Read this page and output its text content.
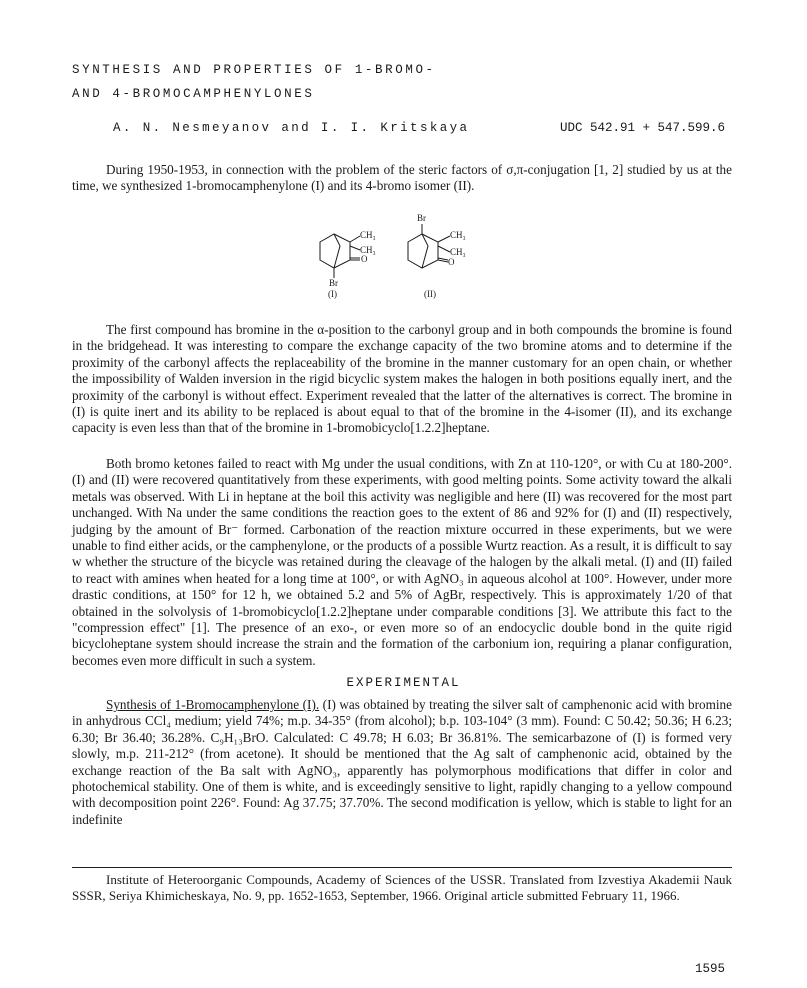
SYNTHESIS AND PROPERTIES OF 1-BROMO-
AND 4-BROMOCAMPHENYLONES
A. N. Nesmeyanov and I. I. Kritskaya	UDC 542.91 + 547.599.6

During 1950-1953, in connection with the problem of the steric factors of σ,π-conjugation [1, 2] studied by us at the time, we synthesized 1-bromocamphenylone (I) and its 4-bromo isomer (II).

CH₃
CH₃
O
Br
(I)
Br
CH₃
CH₃
O
(II)

The first compound has bromine in the α-position to the carbonyl group and in both compounds the bromine is found in the bridgehead. It was interesting to compare the exchange capacity of the two bromine atoms and to determine if the proximity of the carbonyl affects the replaceability of the bromine in the manner customary for an open chain, or whether the impossibility of Walden inversion in the rigid bicyclic system makes the halogen in both positions equally inert, and the proximity of the carbonyl is without effect. Experiment revealed that the latter of the alternatives is correct. The bromine in (I) is quite inert and its ability to be replaced is about equal to that of the bromine in the 4-isomer (II), and its exchange capacity is even less than that of the bromine in 1-bromobicyclo[1.2.2]heptane.

Both bromo ketones failed to react with Mg under the usual conditions, with Zn at 110-120°, or with Cu at 180-200°. (I) and (II) were recovered quantitatively from these experiments, with good melting points. Some activity toward the alkali metals was observed. With Li in heptane at the boil this activity was negligible and here (II) was recovered for the most part unchanged. With Na under the same conditions the reaction goes to the extent of 86 and 92% for (I) and (II) respectively, judging by the amount of Br⁻ formed. Carbonation of the reaction mixture occurred in these experiments, but we were unable to find either acids, or the camphenylone, or the products of a possible Wurtz reaction. As a result, it is difficult to say w whether the structure of the bicycle was retained during the cleavage of the halogen by the alkali metal. (I) and (II) failed to react with amines when heated for a long time at 100°, or with AgNO₃ in aqueous alcohol at 100°. However, under more drastic conditions, at 150° for 12 h, we obtained 5.2 and 5% of AgBr, respectively. This is approximately 1/20 of that obtained in the solvolysis of 1-bromobicyclo[1.2.2]heptane under comparable conditions [3]. We attribute this fact to the "compression effect" [1]. The presence of an exo-, or even more so of an endocyclic double bond in the quite rigid bicycloheptane system should increase the strain and the formation of the carbonium ion, requiring a planar configuration, becomes even more difficult in such a system.

EXPERIMENTAL

Synthesis of 1-Bromocamphenylone (I). (I) was obtained by treating the silver salt of camphenonic acid with bromine in anhydrous CCl₄ medium; yield 74%; m.p. 34-35° (from alcohol); b.p. 103-104° (3 mm). Found: C 50.42; 50.36; H 6.23; 6.30; Br 36.40; 36.28%. C₉H₁₃BrO. Calculated: C 49.78; H 6.03; Br 36.81%. The semicarbazone of (I) is formed very slowly, m.p. 211-212° (from acetone). It should be mentioned that the Ag salt of camphenonic acid, obtained by the exchange reaction of the Ba salt with AgNO₃, apparently has polymorphous modifications that differ in color and photochemical stability. One of them is white, and is exceedingly sensitive to light, rapidly changing to a yellow compound with decomposition point 226°. Found: Ag 37.75; 37.70%. The second modification is yellow, which is stable to light for an indefinite

Institute of Heteroorganic Compounds, Academy of Sciences of the USSR. Translated from Izvestiya Akademii Nauk SSSR, Seriya Khimicheskaya, No. 9, pp. 1652-1653, September, 1966. Original article submitted February 11, 1966.

1595
